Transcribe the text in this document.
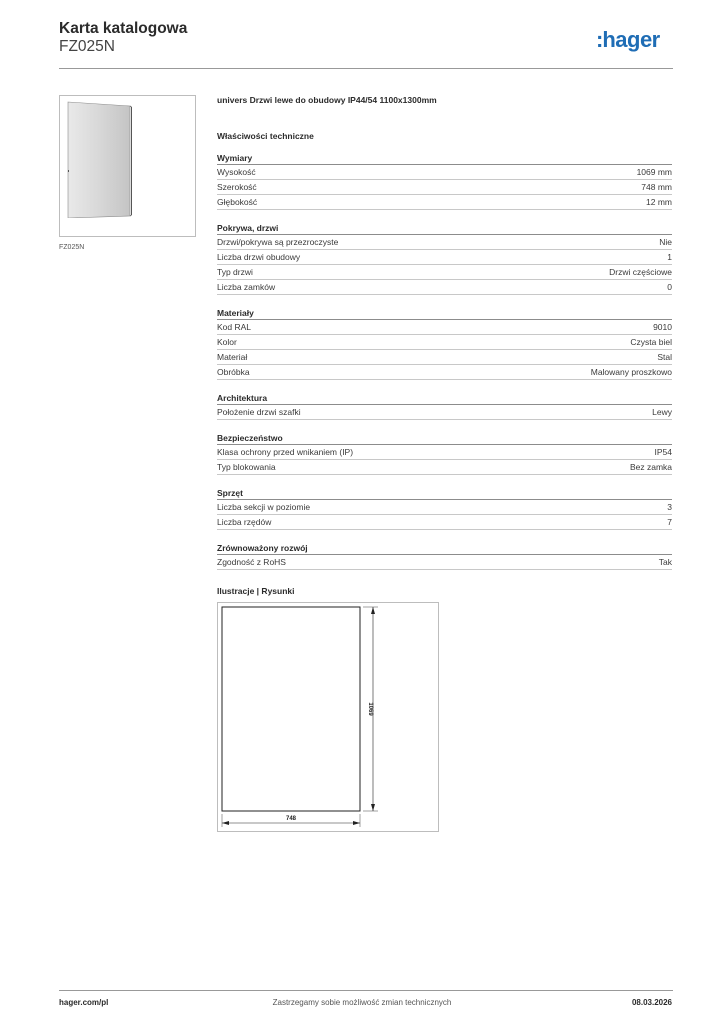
Karta katalogowa
FZ025N	:hager
FZ025N
univers Drzwi lewe do obudowy IP44/54 1100x1300mm
Właściwości techniczne
Wymiary
Wysokość	1069 mm
Szerokość	748 mm
Głębokość	12 mm
Pokrywa, drzwi
Drzwi/pokrywa są przezroczyste	Nie
Liczba drzwi obudowy	1
Typ drzwi	Drzwi częściowe
Liczba zamków	0
Materiały
Kod RAL	9010
Kolor	Czysta biel
Materiał	Stal
Obróbka	Malowany proszkowo
Architektura
Położenie drzwi szafki	Lewy
Bezpieczeństwo
Klasa ochrony przed wnikaniem (IP)	IP54
Typ blokowania	Bez zamka
Sprzęt
Liczba sekcji w poziomie	3
Liczba rzędów	7
Zrównoważony rozwój
Zgodność z RoHS	Tak
Ilustracje | Rysunki
1069
748
hager.com/pl	Zastrzegamy sobie możliwość zmian technicznych	08.03.2026
